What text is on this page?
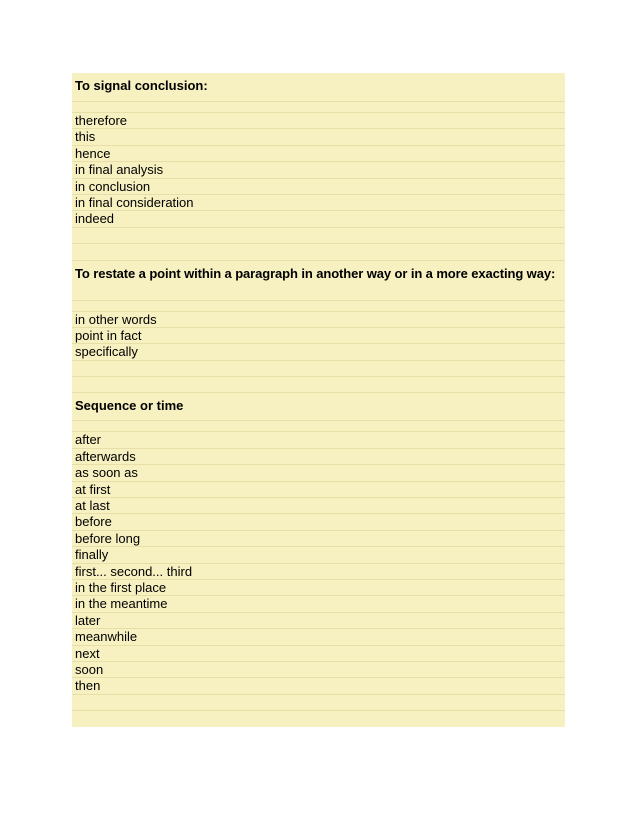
To signal conclusion:
therefore
this
hence
in final analysis
in conclusion
in final consideration
indeed
To restate a point within a paragraph in another way or in a more exacting way:
in other words
point in fact
specifically
Sequence or time
after
afterwards
as soon as
at first
at last
before
before long
finally
first... second... third
in the first place
in the meantime
later
meanwhile
next
soon
then
